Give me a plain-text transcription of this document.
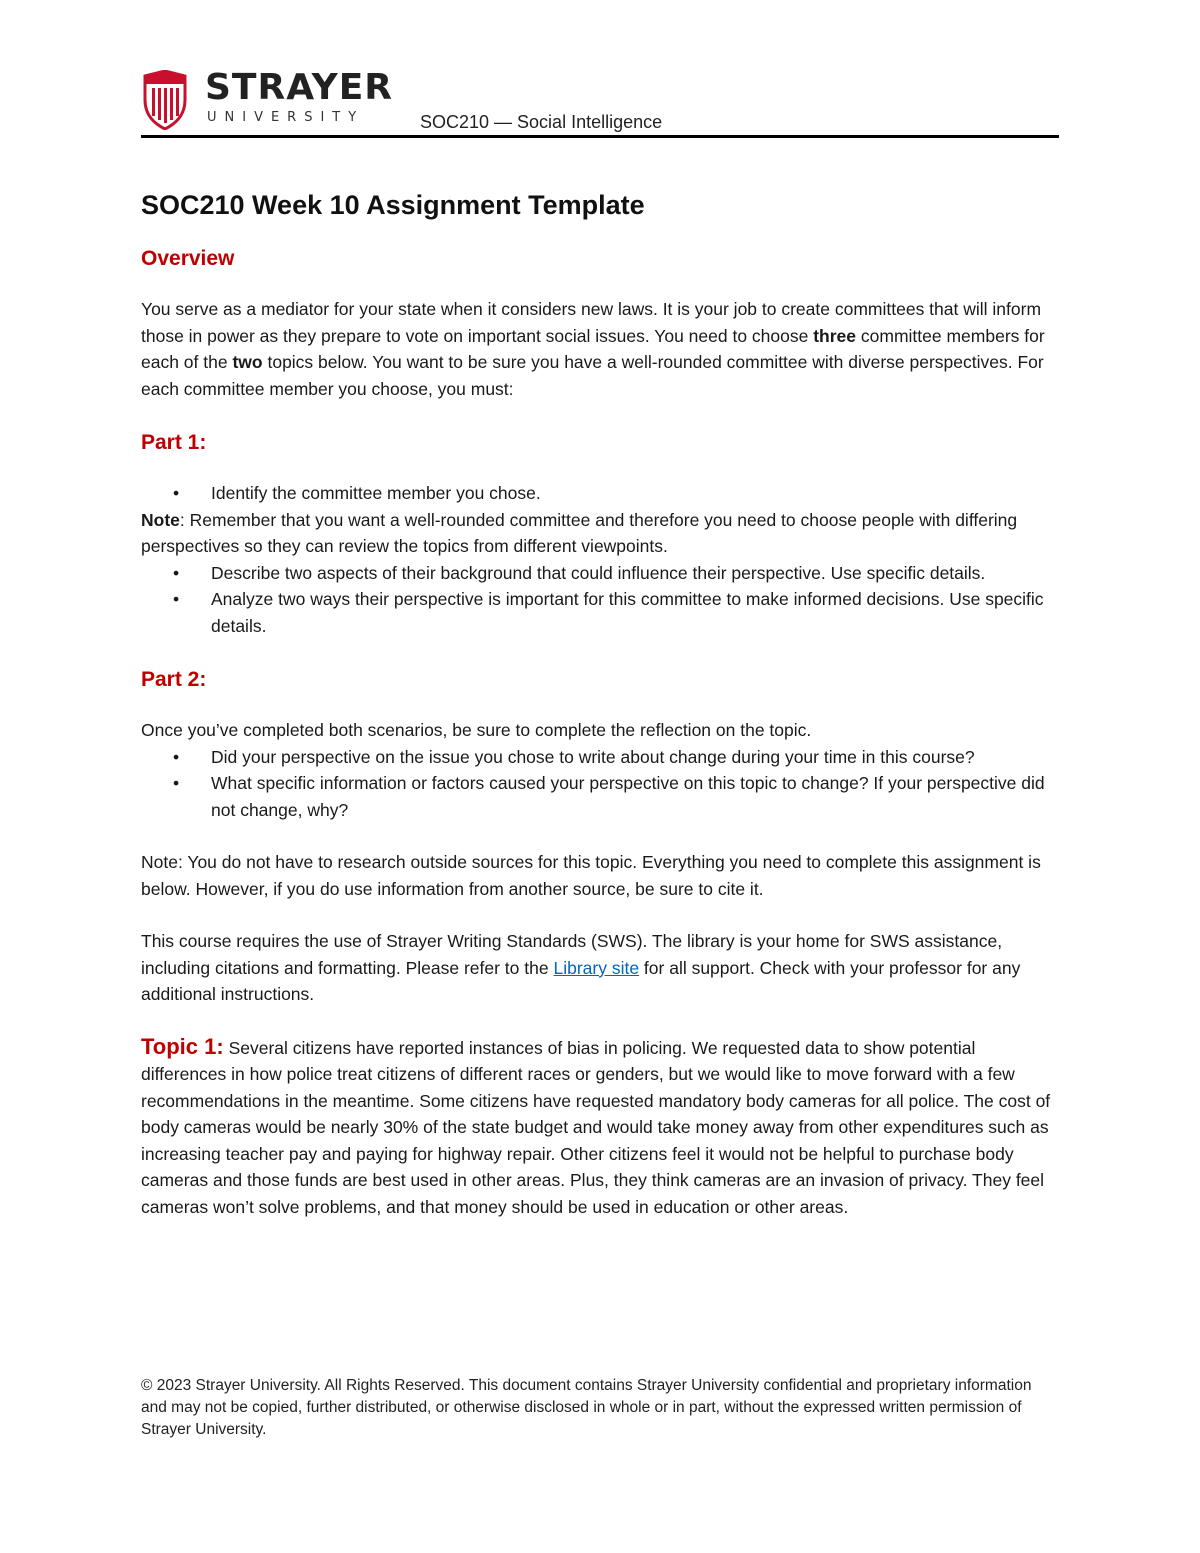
STRAYER
UNIVERSITY	SOC210 — Social Intelligence
SOC210 Week 10 Assignment Template
Overview

You serve as a mediator for your state when it considers new laws. It is your job to create committees that will inform those in power as they prepare to vote on important social issues. You need to choose three committee members for each of the two topics below. You want to be sure you have a well-rounded committee with diverse perspectives. For each committee member you choose, you must:

Part 1:
• Identify the committee member you chose.

Note: Remember that you want a well-rounded committee and therefore you need to choose people with differing perspectives so they can review the topics from different viewpoints.

• Describe two aspects of their background that could influence their perspective. Use specific details.
• Analyze two ways their perspective is important for this committee to make informed decisions. Use specific details.
Part 2:

Once you’ve completed both scenarios, be sure to complete the reflection on the topic.

• Did your perspective on the issue you chose to write about change during your time in this course?
• What specific information or factors caused your perspective on this topic to change? If your perspective did not change, why?

Note: You do not have to research outside sources for this topic. Everything you need to complete this assignment is below. However, if you do use information from another source, be sure to cite it.

This course requires the use of Strayer Writing Standards (SWS). The library is your home for SWS assistance, including citations and formatting. Please refer to the Library site for all support. Check with your professor for any additional instructions.

Topic 1: Several citizens have reported instances of bias in policing. We requested data to show potential differences in how police treat citizens of different races or genders, but we would like to move forward with a few recommendations in the meantime. Some citizens have requested mandatory body cameras for all police. The cost of body cameras would be nearly 30% of the state budget and would take money away from other expenditures such as increasing teacher pay and paying for highway repair. Other citizens feel it would not be helpful to purchase body cameras and those funds are best used in other areas. Plus, they think cameras are an invasion of privacy. They feel cameras won’t solve problems, and that money should be used in education or other areas.

© 2023 Strayer University. All Rights Reserved. This document contains Strayer University confidential and proprietary information and may not be copied, further distributed, or otherwise disclosed in whole or in part, without the expressed written permission of Strayer University.
